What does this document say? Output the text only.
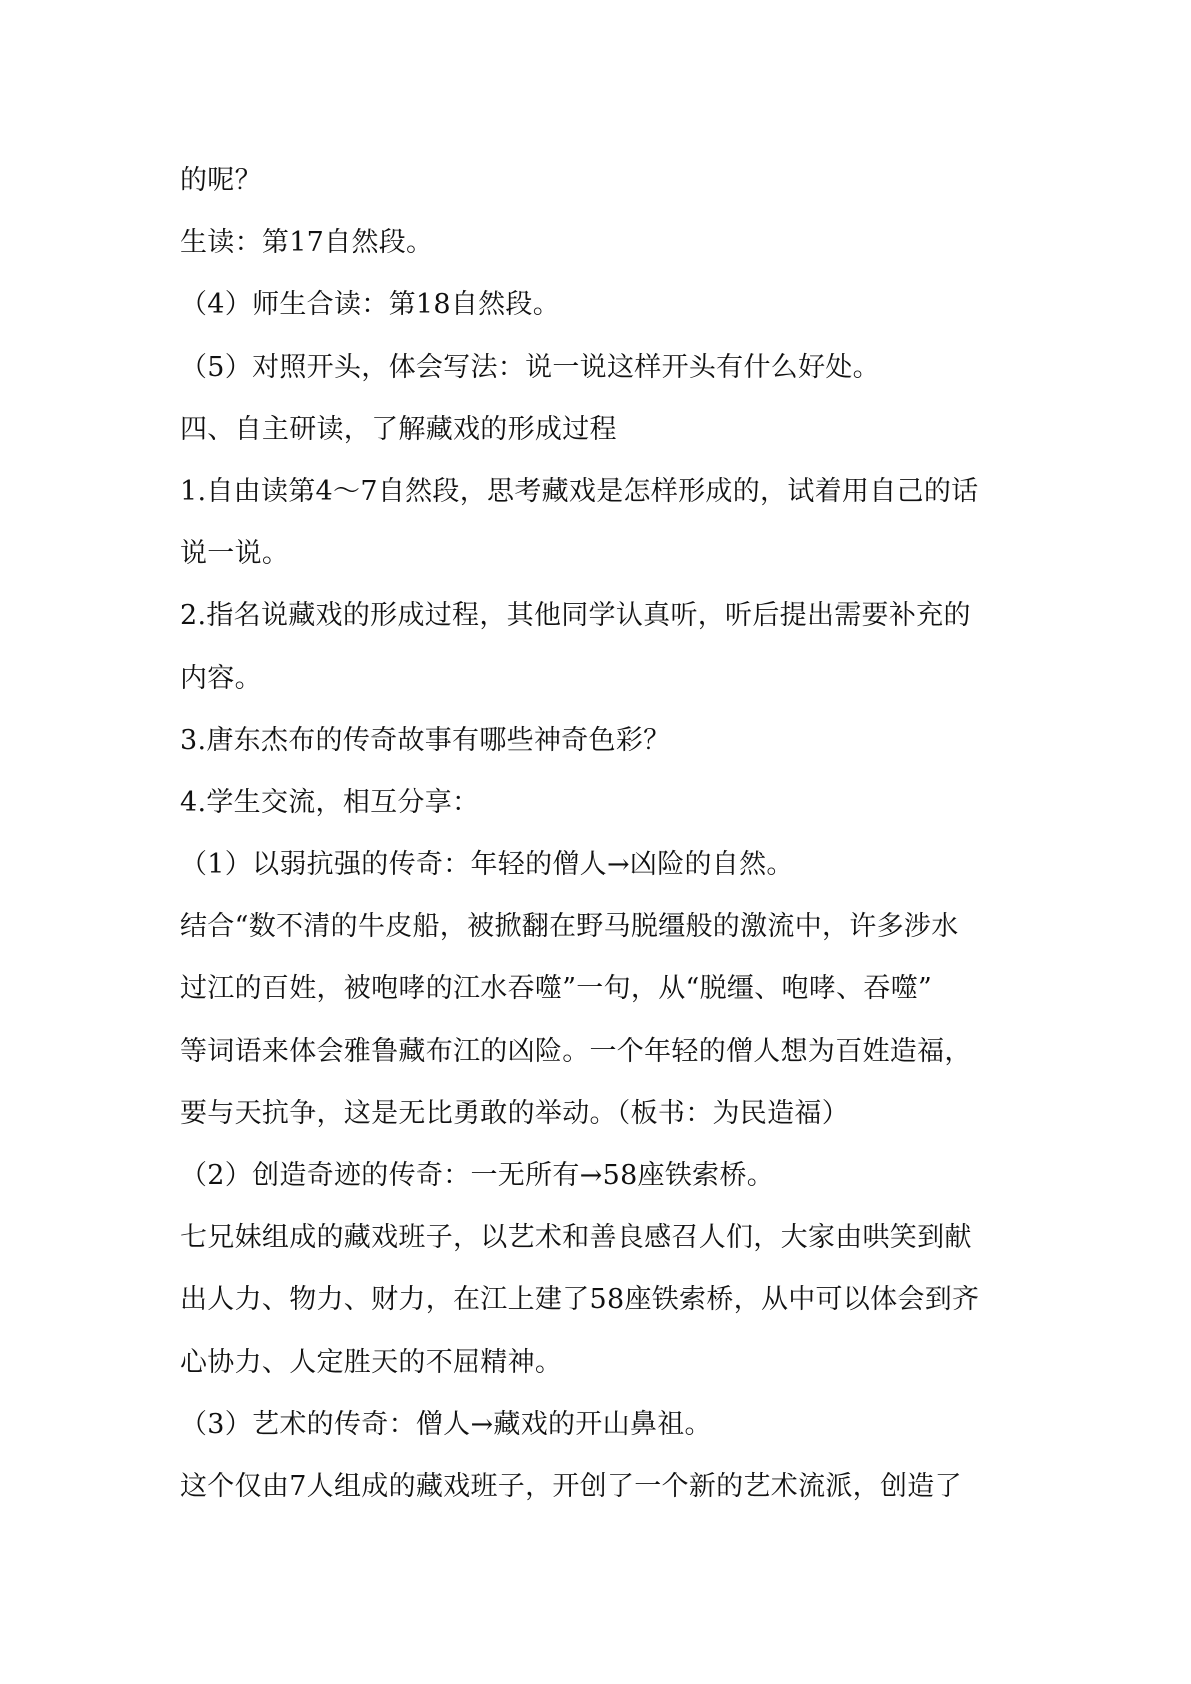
的呢？

生读：第17自然段。

（4）师生合读：第18自然段。

（5）对照开头，体会写法：说一说这样开头有什么好处。

四、自主研读，了解藏戏的形成过程

1.自由读第4～7自然段，思考藏戏是怎样形成的，试着用自己的话

说一说。

2.指名说藏戏的形成过程，其他同学认真听，听后提出需要补充的

内容。

3.唐东杰布的传奇故事有哪些神奇色彩？

4.学生交流，相互分享：

（1）以弱抗强的传奇：年轻的僧人→凶险的自然。

结合“数不清的牛皮船，被掀翻在野马脱缰般的激流中，许多涉水

过江的百姓，被咆哮的江水吞噬”一句，从“脱缰、咆哮、吞噬”

等词语来体会雅鲁藏布江的凶险。一个年轻的僧人想为百姓造福，

要与天抗争，这是无比勇敢的举动。（板书：为民造福）

（2）创造奇迹的传奇：一无所有→58座铁索桥。

七兄妹组成的藏戏班子，以艺术和善良感召人们，大家由哄笑到献

出人力、物力、财力，在江上建了58座铁索桥，从中可以体会到齐

心协力、人定胜天的不屈精神。

（3）艺术的传奇：僧人→藏戏的开山鼻祖。

这个仅由7人组成的藏戏班子，开创了一个新的艺术流派，创造了
